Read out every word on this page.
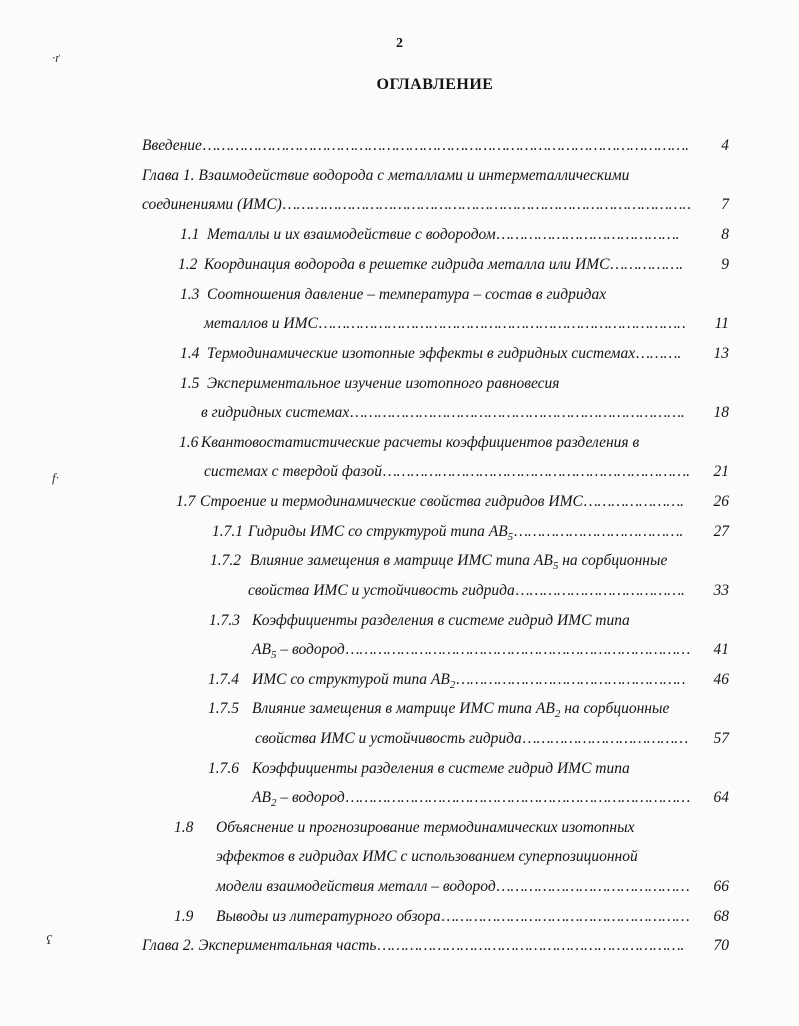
2
ОГЛАВЛЕНИЕ
·ґ
f·
ʕ
Введение ……………………………………………………………………………………………………………………………………………………………………	4
Глава 1. Взаимодействие водорода с металлами и интерметаллическими
соединениями (ИМС) ……………………………………………………………………………………………………………………………………………………………………	7
1.1 Металлы и их взаимодействие с водородом ……………………………………………………………………………………………………………………………………………………………………	8
1.2 Координация водорода в решетке гидрида металла или ИМС ……………………………………………………………………………………………………………………………………………………………………	9
1.3 Соотношения давление – температура – состав в гидридах
металлов и ИМС ……………………………………………………………………………………………………………………………………………………………………	11
1.4 Термодинамические изотопные эффекты в гидридных системах ……………………………………………………………………………………………………………………………………………………………………	13
1.5 Экспериментальное изучение изотопного равновесия
в гидридных системах ……………………………………………………………………………………………………………………………………………………………………	18
1.6 Квантовостатистические расчеты коэффициентов разделения в
системах с твердой фазой ……………………………………………………………………………………………………………………………………………………………………	21
1.7 Строение и термодинамические свойства гидридов ИМС ……………………………………………………………………………………………………………………………………………………………………	26
1.7.1 Гидриды ИМС со структурой типа $AB_5$ ……………………………………………………………………………………………………………………………………………………………………	27
1.7.2 Влияние замещения в матрице ИМС типа $AB_5$ на сорбционные
свойства ИМС и устойчивость гидрида ……………………………………………………………………………………………………………………………………………………………………	33
1.7.3 Коэффициенты разделения в системе гидрид ИМС типа
$AB_5$ – водород ……………………………………………………………………………………………………………………………………………………………………	41
1.7.4 ИМС со структурой типа $AB_2$ ……………………………………………………………………………………………………………………………………………………………………	46
1.7.5 Влияние замещения в матрице ИМС типа $AB_2$ на сорбционные
свойства ИМС и устойчивость гидрида ……………………………………………………………………………………………………………………………………………………………………	57
1.7.6 Коэффициенты разделения в системе гидрид ИМС типа
$AB_2$ – водород ……………………………………………………………………………………………………………………………………………………………………	64
1.8 Объяснение и прогнозирование термодинамических изотопных
эффектов в гидридах ИМС с использованием суперпозиционной
модели взаимодействия металл – водород ……………………………………………………………………………………………………………………………………………………………………	66
1.9 Выводы из литературного обзора ……………………………………………………………………………………………………………………………………………………………………	68
Глава 2. Экспериментальная часть ……………………………………………………………………………………………………………………………………………………………………	70
